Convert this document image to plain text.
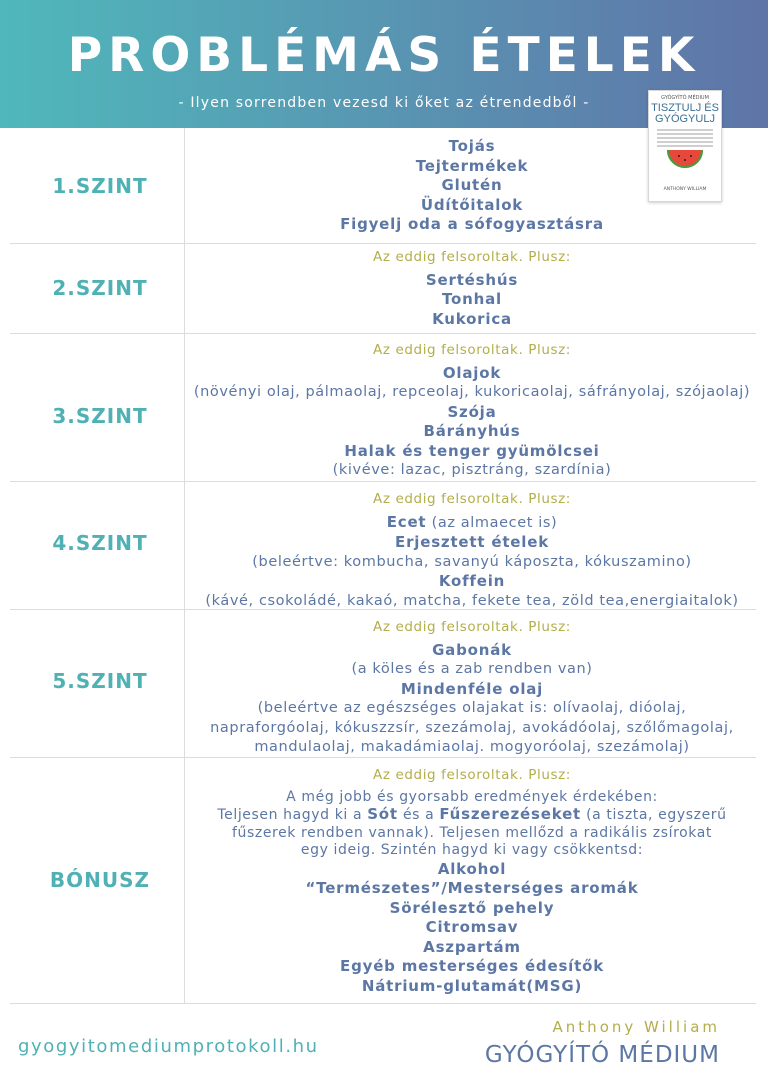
PROBLÉMÁS ÉTELEK
- Ilyen sorrendben vezesd ki őket az étrendedből -	GYÓGYÍTÓ MÉDIUM
TISZTULJ ÉS
GYÓGYULJ
ANTHONY WILLIAM
1.SZINT
Tojás
Tejtermékek
Glutén
Üdítőitalok
Figyelj oda a sófogyasztásra
2.SZINT
Az eddig felsoroltak. Plusz:
Sertéshús
Tonhal
Kukorica
3.SZINT
Az eddig felsoroltak. Plusz:
Olajok
(növényi olaj, pálmaolaj, repceolaj, kukoricaolaj, sáfrányolaj, szójaolaj)
Szója
Bárányhús
Halak és tenger gyümölcsei
(kivéve: lazac, pisztráng, szardínia)
4.SZINT
Az eddig felsoroltak. Plusz:
Ecet (az almaecet is)
Erjesztett ételek
(beleértve: kombucha, savanyú káposzta, kókuszamino)
Koffein
(kávé, csokoládé, kakaó, matcha, fekete tea, zöld tea,energiaitalok)
5.SZINT
Az eddig felsoroltak. Plusz:
Gabonák
(a köles és a zab rendben van)
Mindenféle olaj
(beleértve az egészséges olajakat is: olívaolaj, dióolaj,
napraforgóolaj, kókuszzsír, szezámolaj, avokádóolaj, szőlőmagolaj,
mandulaolaj, makadámiaolaj. mogyoróolaj, szezámolaj)
BÓNUSZ
Az eddig felsoroltak. Plusz:
A még jobb és gyorsabb eredmények érdekében:
Teljesen hagyd ki a Sót és a Fűszerezéseket (a tiszta, egyszerű
fűszerek rendben vannak). Teljesen mellőzd a radikális zsírokat
egy ideig. Szintén hagyd ki vagy csökkentsd:
Alkohol
“Természetes”/Mesterséges aromák
Sörélesztő pehely
Citromsav
Aszpartám
Egyéb mesterséges édesítők
Nátrium-glutamát(MSG)
gyogyitomediumprotokoll.hu
Anthony William
GYÓGYÍTÓ MÉDIUM
